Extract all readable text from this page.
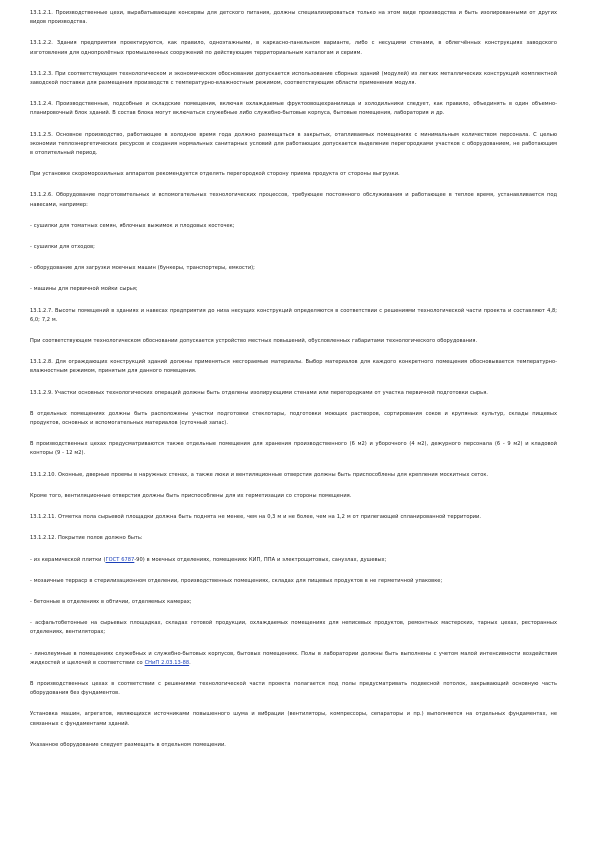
13.1.2.1. Производственные цехи, вырабатывающие консервы для детского питания, должны специализироваться только на этом виде производства и быть изолированными от других видов производства.

13.1.2.2. Здания предприятия проектируются, как правило, одноэтажными, в каркасно-панельном варианте, либо с несущими стенами, в облегчённых конструкциях заводского изготовления для однопролётных промышленных сооружений по действующим территориальным каталогам и сериям.

13.1.2.3. При соответствующем технологическом и экономическом обосновании допускается использование сборных зданий (модулей) из легких металлических конструкций комплектной заводской поставки для размещения производств с температурно-влажностным режимом, соответствующим области применения модуля.

13.1.2.4. Производственные, подсобные и складские помещения, включая охлаждаемые фруктоовощехранилища и холодильники следует, как правило, объединять в один объемно-планировочный блок зданий. В состав блока могут включаться служебные либо служебно-бытовые корпуса, бытовые помещения, лаборатория и др.

13.1.2.5. Основное производство, работающее в холодное время года должно размещаться в закрытых, отапливаемых помещениях с минимальным количеством персонала. С целью экономии теплоэнергетических ресурсов и создания нормальных санитарных условий для работающих допускается выделение перегородками участков с оборудованием, не работающим в отопительный период.

При установке скороморозильных аппаратов рекомендуется отделять перегородкой сторону приема продукта от стороны выгрузки.

13.1.2.6. Оборудование подготовительных и вспомогательных технологических процессов, требующее постоянного обслуживания и работающее в теплое время, устанавливается под навесами, например:

- сушилки для томатных семян, яблочных выжимок и плодовых косточек;

- сушилки для отходов;

- оборудование для загрузки моечных машин (бункеры, транспортеры, емкости);

- машины для первичной мойки сырья;

13.1.2.7. Высоты помещений в зданиях и навесах предприятия до низа несущих конструкций определяются в соответствии с решениями технологической части проекта и составляют 4,8; 6,0; 7,2 м.

При соответствующем технологическом обосновании допускается устройство местных повышений, обусловленных габаритами технологического оборудования.

13.1.2.8. Для ограждающих конструкций зданий должны применяться несгораемые материалы. Выбор материалов для каждого конкретного помещения обосновывается температурно-влажностным режимом, принятым для данного помещения.

13.1.2.9. Участки основных технологических операций должны быть отделены изолирующими стенами или перегородками от участка первичной подготовки сырья.

В отдельных помещениях должны быть расположены участки подготовки стеклотары, подготовки моющих растворов, сортирования соков и крупяных культур, склады пищевых продуктов, основных и вспомогательных материалов (суточный запас).

В производственных цехах предусматриваются также отдельные помещения для хранения производственного (6 м2) и уборочного (4 м2), дежурного персонала (6 - 9 м2) и кладовой конторы (9 - 12 м2).

13.1.2.10. Оконные, дверные проемы в наружных стенах, а также люки и вентиляционные отверстия должны быть приспособлены для крепления москитных сеток.

Кроме того, вентиляционные отверстия должны быть приспособлены для их герметизации со стороны помещения.

13.1.2.11. Отметка пола сырьевой площадки должна быть поднята не менее, чем на 0,3 м и не более, чем на 1,2 м от прилегающей спланированной территории.

13.1.2.12. Покрытие полов должно быть:

- из керамической плитки (ГОСТ 6787-90) в моечных отделениях, помещениях КИП, ППА и электрощитовых, санузлах, душевых;

- мозаичные терраср в стерилизационном отделении, производственных помещениях, складах для пищевых продуктов в не герметичной упаковке;

- бетонные в отделениях в обтичии, отделяемых камерах;

- асфальтобетонные на сырьевых площадках, складах готовой продукции, охлаждаемых помещениях для неписевых продуктов, ремонтных мастерских, тарных цехах, ресторанных отделениях, вентиляторах;

- линолеумные в помещениях служебных и служебно-бытовых корпусов, бытовых помещениях. Полы в лаборатории должны быть выполнены с учетом малой интенсивности воздействия жидкостей и щелочей в соответствии со СНиП 2.03.13-88.

В производственных цехах в соответствии с решениями технологической части проекта полагается под полы предусматривать подвесной потолок, закрывающий основную часть оборудования без фундаментов.

Установка машин, агрегатов, являющихся источниками повышенного шума и вибрации (вентиляторы, компрессоры, сепараторы и пр.) выполняется на отдельных фундаментах, не связанных с фундаментами зданий.

Указанное оборудование следует размещать в отдельном помещении.
